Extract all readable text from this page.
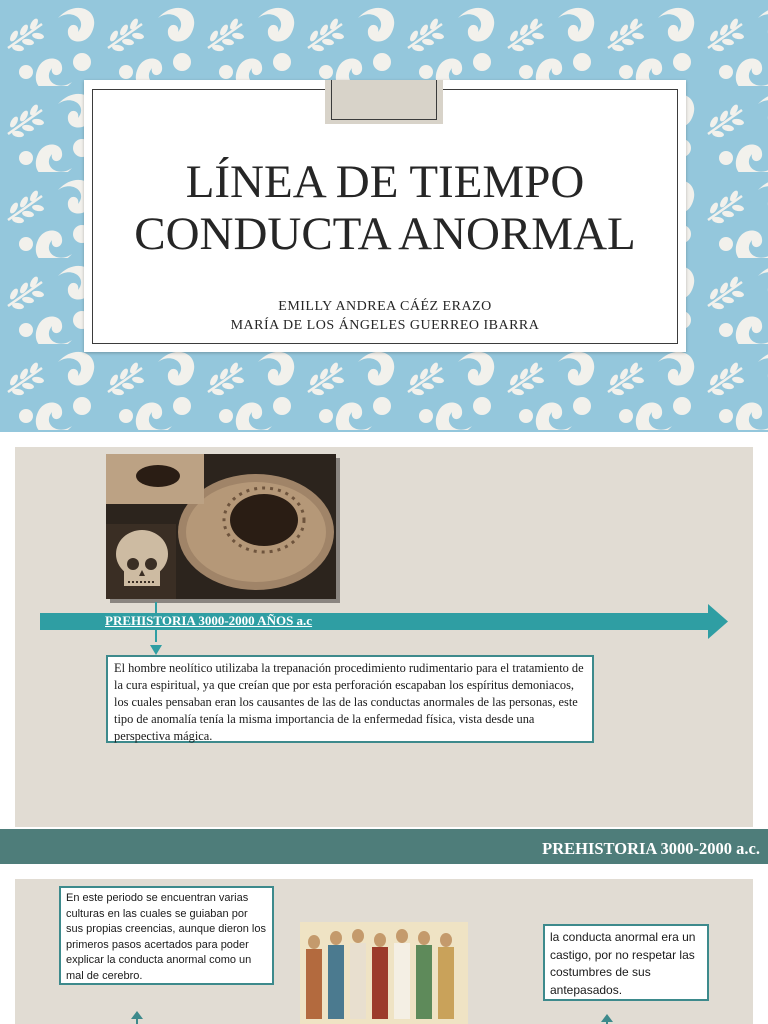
LÍNEA DE TIEMPO
CONDUCTA ANORMAL
EMILLY ANDREA CÁÉZ ERAZO
MARÍA DE LOS ÁNGELES GUERREO IBARRA
PREHISTORIA 3000-2000 AÑOS a.c
El hombre neolítico utilizaba la trepanación procedimiento rudimentario para el tratamiento de la cura espiritual, ya que creían que por esta perforación escapaban los espíritus demoniacos, los cuales pensaban eran los causantes de las de las conductas anormales de las personas, este tipo de anomalía tenía la misma importancia de la enfermedad física, vista desde una perspectiva mágica.
PREHISTORIA 3000-2000 a.c.
En este periodo se encuentran varias culturas en las cuales se guiaban por sus propias creencias, aunque dieron los primeros pasos acertados para poder explicar la conducta anormal como un mal de cerebro.
la conducta anormal era un castigo, por no respetar las costumbres de sus antepasados.
